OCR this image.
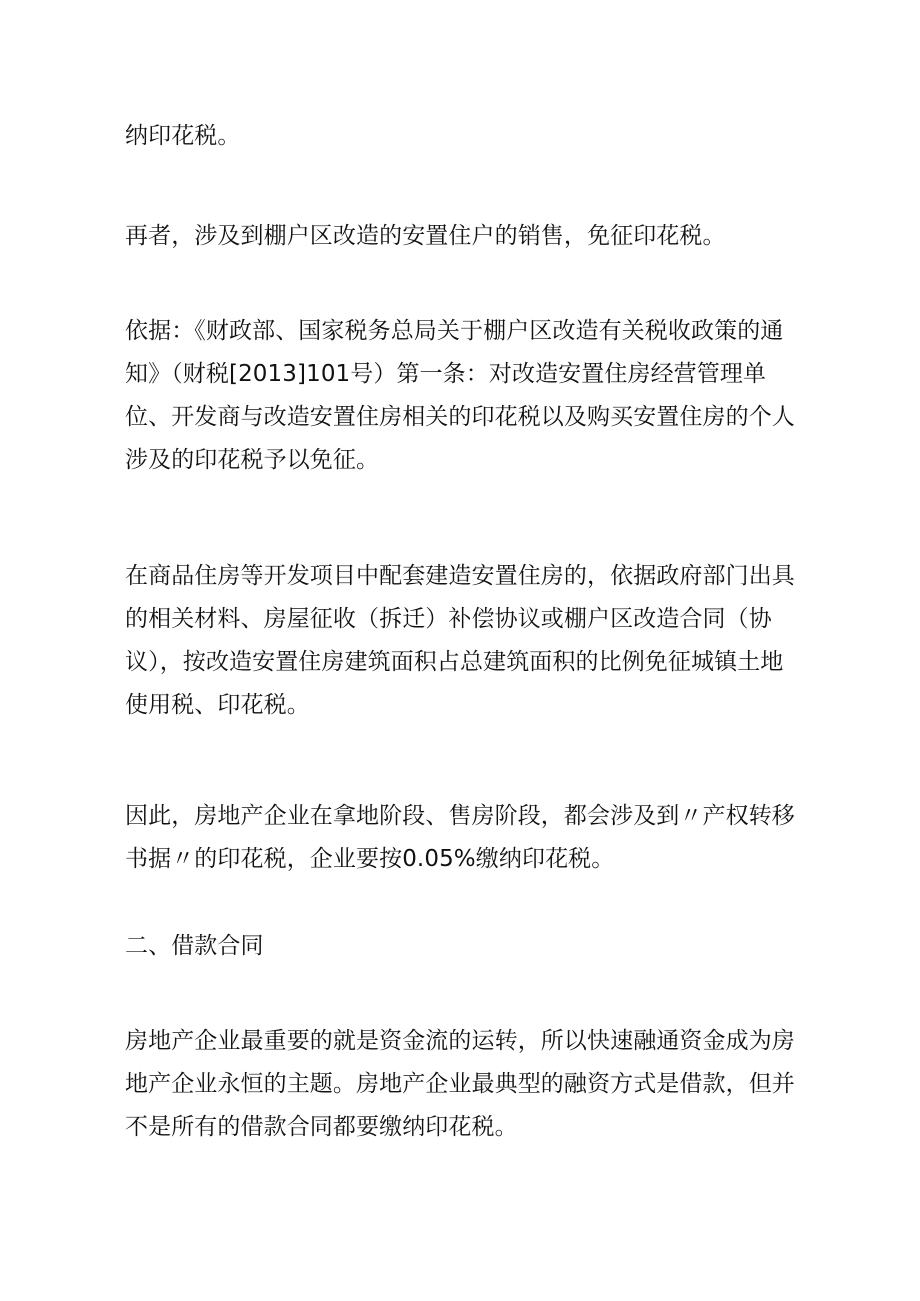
纳印花税。

再者，涉及到棚户区改造的安置住户的销售，免征印花税。

依据：《财政部、国家税务总局关于棚户区改造有关税收政策的通
知》（财税[2013]101号）第一条：对改造安置住房经营管理单
位、开发商与改造安置住房相关的印花税以及购买安置住房的个人
涉及的印花税予以免征。

在商品住房等开发项目中配套建造安置住房的，依据政府部门出具
的相关材料、房屋征收（拆迁）补偿协议或棚户区改造合同（协
议），按改造安置住房建筑面积占总建筑面积的比例免征城镇土地
使用税、印花税。

因此，房地产企业在拿地阶段、售房阶段，都会涉及到〃产权转移
书据〃的印花税，企业要按0.05%缴纳印花税。

二、借款合同

房地产企业最重要的就是资金流的运转，所以快速融通资金成为房
地产企业永恒的主题。房地产企业最典型的融资方式是借款，但并
不是所有的借款合同都要缴纳印花税。
